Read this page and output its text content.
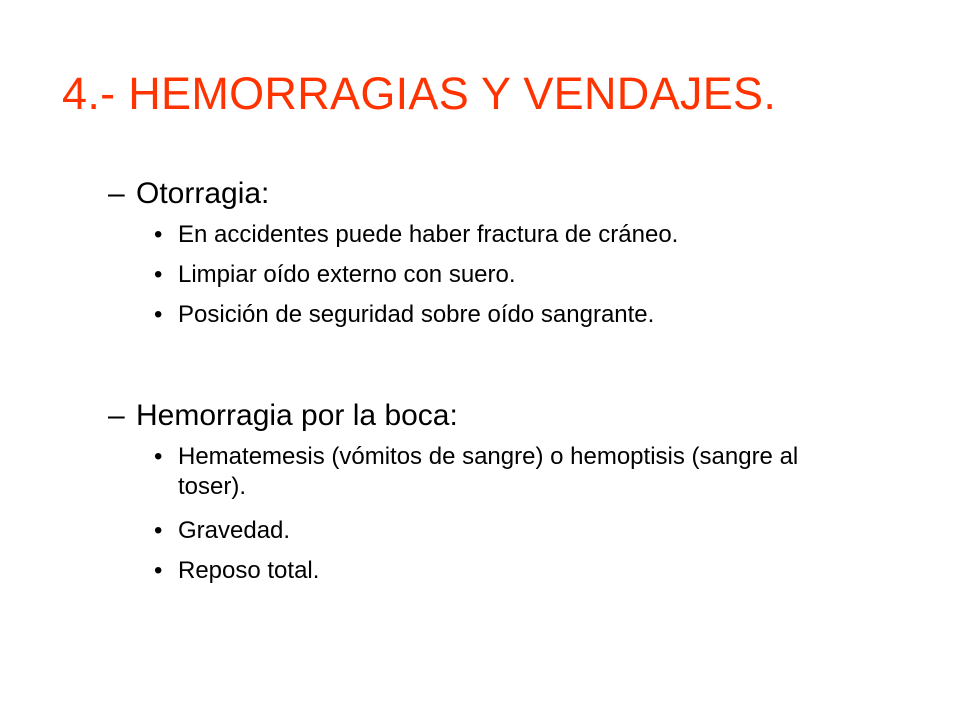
4.- HEMORRAGIAS Y VENDAJES.
– Otorragia:
• En accidentes puede haber fractura de cráneo.
• Limpiar oído externo con suero.
• Posición de seguridad sobre oído sangrante.
– Hemorragia por la boca:
• Hematemesis (vómitos de sangre) o hemoptisis (sangre al toser).
• Gravedad.
• Reposo total.
